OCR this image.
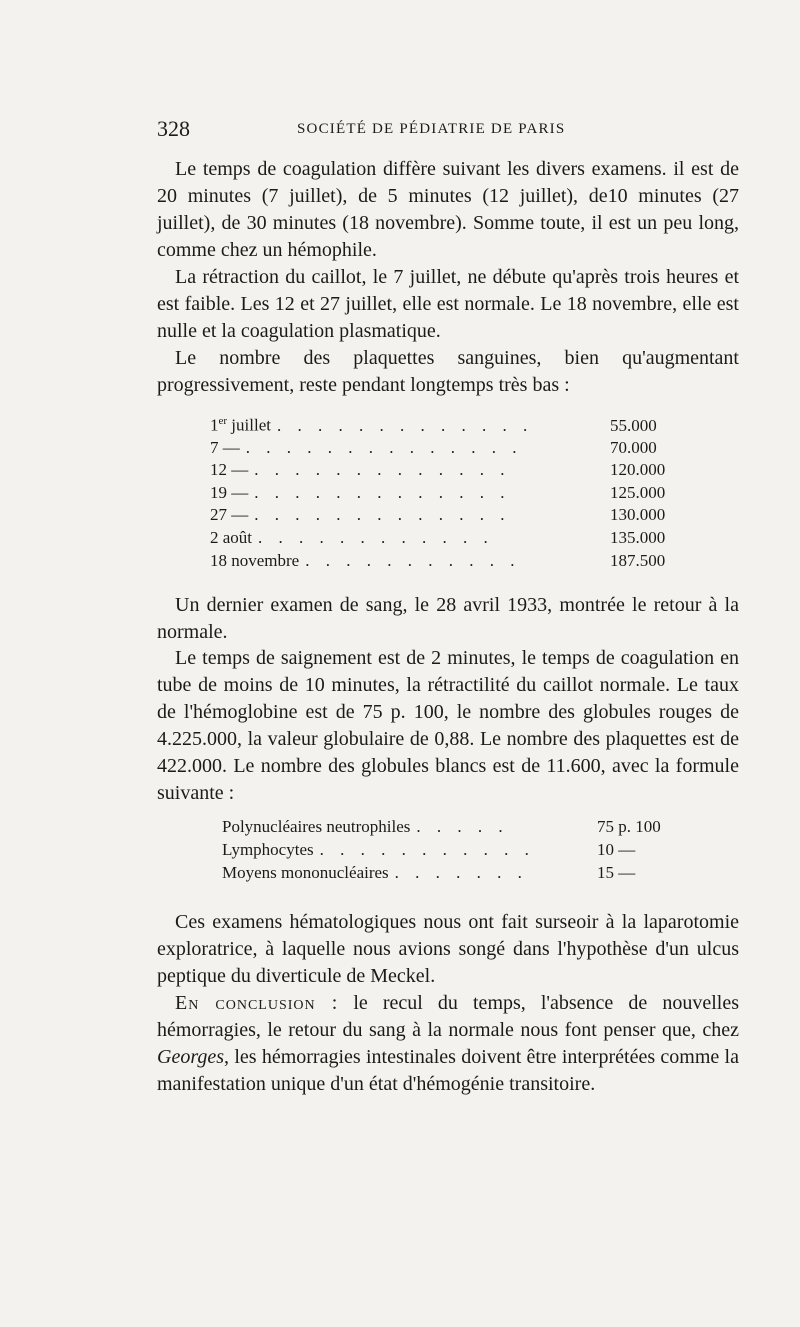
328	SOCIÉTÉ DE PÉDIATRIE DE PARIS

Le temps de coagulation diffère suivant les divers examens. il est de 20 minutes (7 juillet), de 5 minutes (12 juillet), de10 minutes (27 juillet), de 30 minutes (18 novembre). Somme toute, il est un peu long, comme chez un hémophile.

La rétraction du caillot, le 7 juillet, ne débute qu'après trois heures et est faible. Les 12 et 27 juillet, elle est normale. Le 18 novembre, elle est nulle et la coagulation plasmatique.

Le nombre des plaquettes sanguines, bien qu'augmentant progressivement, reste pendant longtemps très bas :

1er juillet . . . . . . . . . . . . .	55.000
7 — . . . . . . . . . . . . . .	70.000
12 — . . . . . . . . . . . . .	120.000
19 — . . . . . . . . . . . . .	125.000
27 — . . . . . . . . . . . . .	130.000
2 août . . . . . . . . . . . .	135.000
18 novembre . . . . . . . . . . .	187.500

Un dernier examen de sang, le 28 avril 1933, montrée le retour à la normale.

Le temps de saignement est de 2 minutes, le temps de coagulation en tube de moins de 10 minutes, la rétractilité du caillot normale. Le taux de l'hémoglobine est de 75 p. 100, le nombre des globules rouges de 4.225.000, la valeur globulaire de 0,88. Le nombre des plaquettes est de 422.000. Le nombre des globules blancs est de 11.600, avec la formule suivante :

Polynucléaires neutrophiles . . . . .	75 p. 100
Lymphocytes . . . . . . . . . . .	10 —
Moyens mononucléaires . . . . . . .	15 —

Ces examens hématologiques nous ont fait surseoir à la laparotomie exploratrice, à laquelle nous avions songé dans l'hypothèse d'un ulcus peptique du diverticule de Meckel.

En conclusion : le recul du temps, l'absence de nouvelles hémorragies, le retour du sang à la normale nous font penser que, chez Georges, les hémorragies intestinales doivent être interprétées comme la manifestation unique d'un état d'hémogénie transitoire.
